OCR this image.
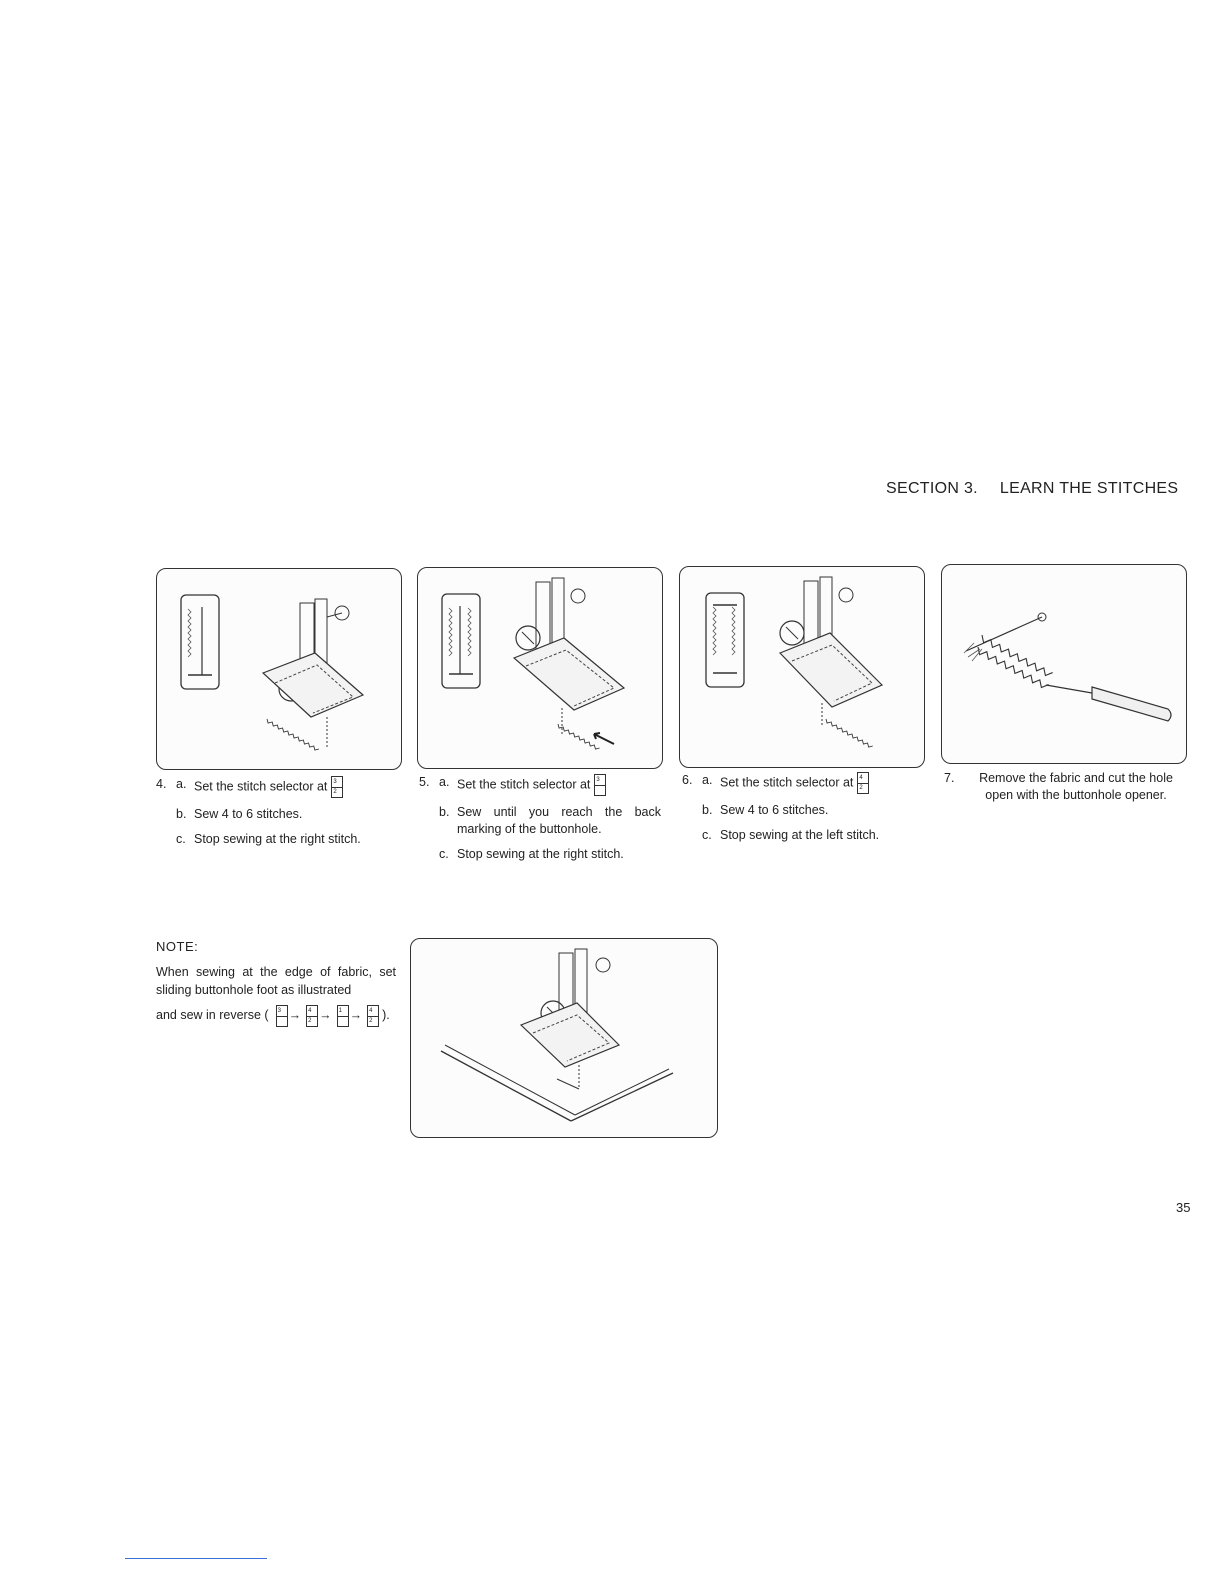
SECTION 3. LEARN THE STITCHES
4. a. Set the stitch selector at 3
2
b. Sew 4 to 6 stitches.
c. Stop sewing at the right stitch.
5. a. Set the stitch selector at 3
b. Sew until you reach the back marking of the buttonhole.
c. Stop sewing at the right stitch.
6. a. Set the stitch selector at 4
2
b. Sew 4 to 6 stitches.
c. Stop sewing at the left stitch.
7.	Remove the fabric and cut the hole open with the buttonhole opener.
NOTE:
When sewing at the edge of fabric, set sliding buttonhole foot as illustrated
and sew in reverse ( 3 → 4
2 → 1 → 4
2 ).
35
